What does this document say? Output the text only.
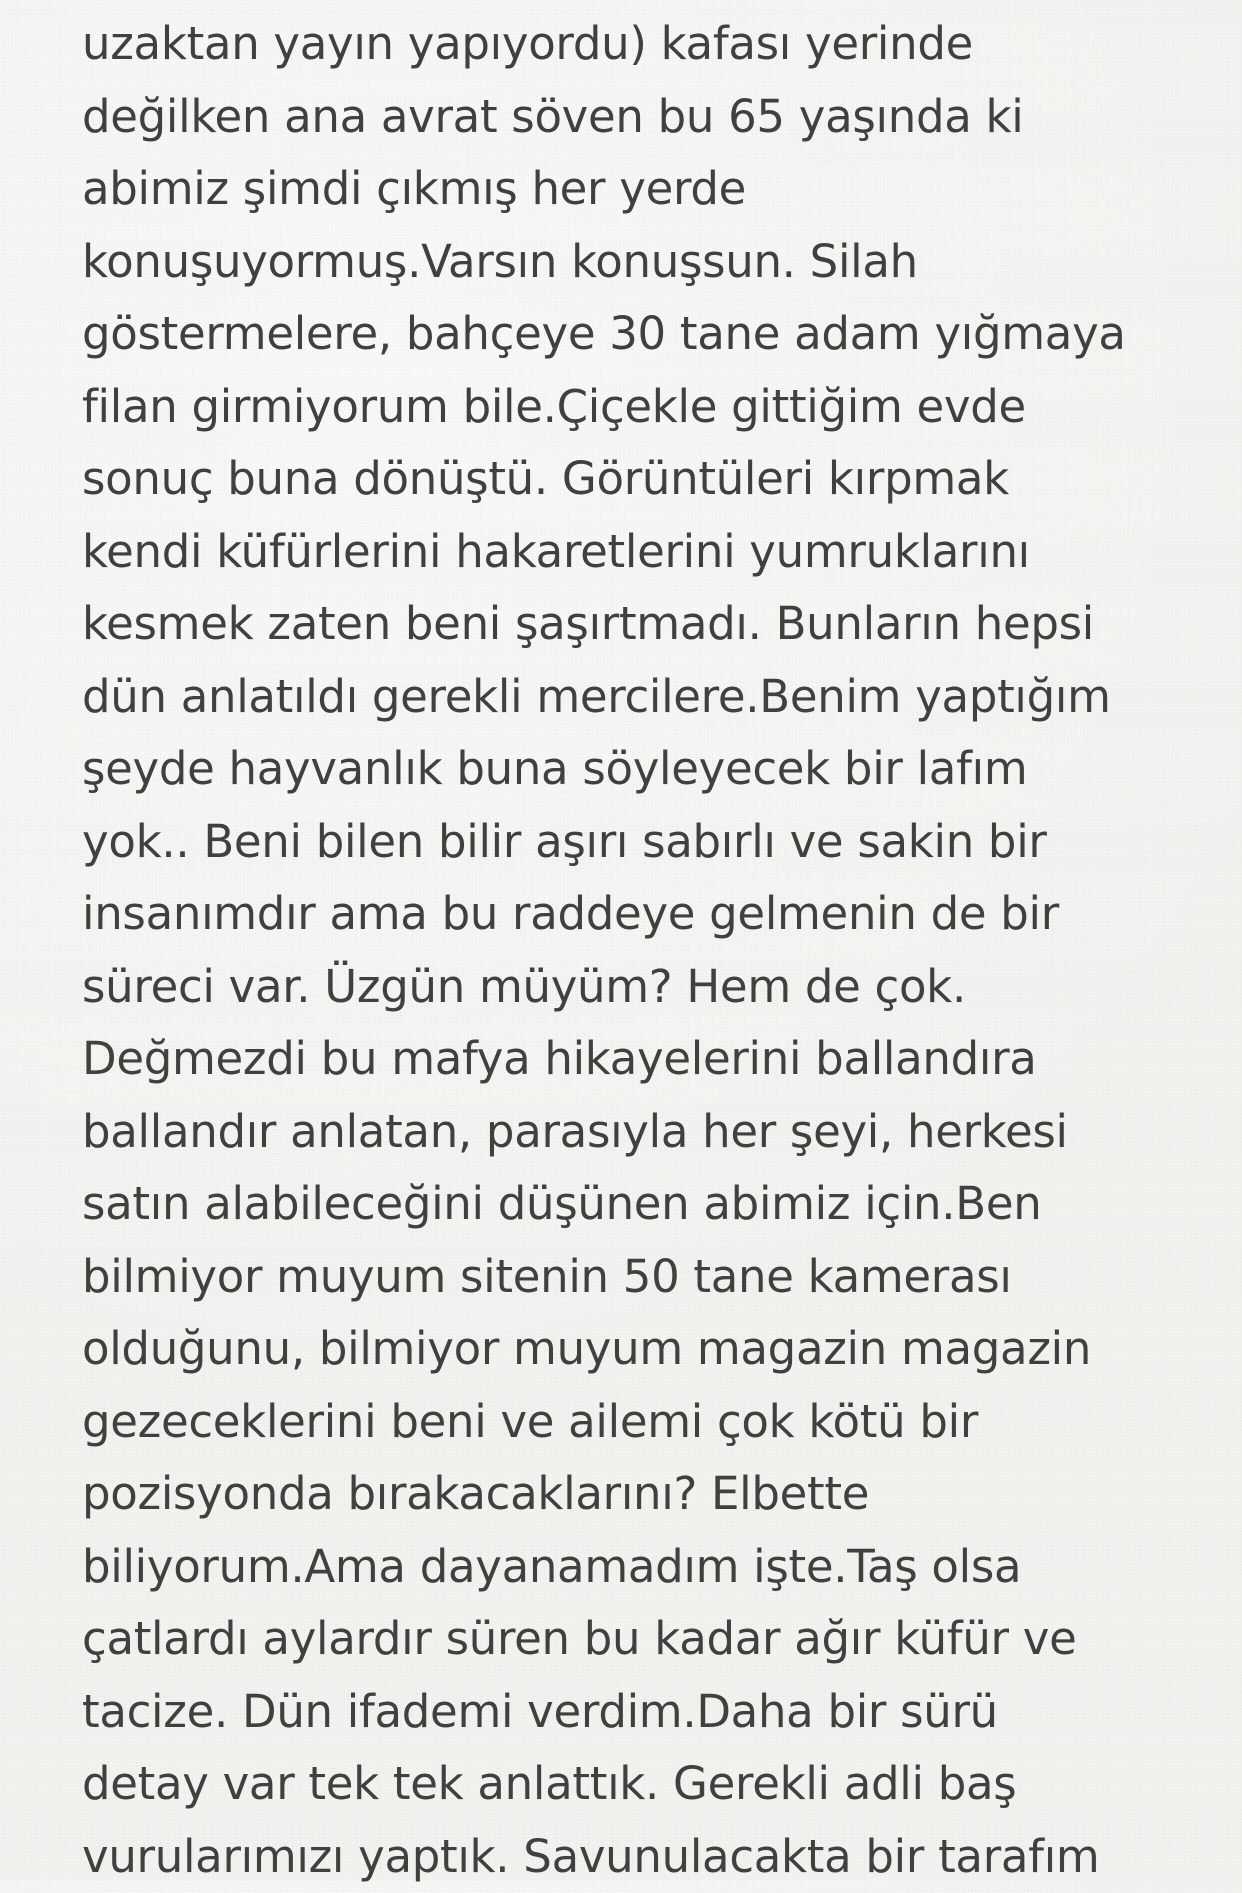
uzaktan yayın yapıyordu) kafası yerinde
değilken ana avrat söven bu 65 yaşında ki
abimiz şimdi çıkmış her yerde
konuşuyormuş.Varsın konuşsun. Silah
göstermelere, bahçeye 30 tane adam yığmaya
filan girmiyorum bile.Çiçekle gittiğim evde
sonuç buna dönüştü. Görüntüleri kırpmak
kendi küfürlerini hakaretlerini yumruklarını
kesmek zaten beni şaşırtmadı. Bunların hepsi
dün anlatıldı gerekli mercilere.Benim yaptığım
şeyde hayvanlık buna söyleyecek bir lafım
yok.. Beni bilen bilir aşırı sabırlı ve sakin bir
insanımdır ama bu raddeye gelmenin de bir
süreci var. Üzgün müyüm? Hem de çok.
Değmezdi bu mafya hikayelerini ballandıra
ballandır anlatan, parasıyla her şeyi, herkesi
satın alabileceğini düşünen abimiz için.Ben
bilmiyor muyum sitenin 50 tane kamerası
olduğunu, bilmiyor muyum magazin magazin
gezeceklerini beni ve ailemi çok kötü bir
pozisyonda bırakacaklarını? Elbette
biliyorum.Ama dayanamadım işte.Taş olsa
çatlardı aylardır süren bu kadar ağır küfür ve
tacize. Dün ifademi verdim.Daha bir sürü
detay var tek tek anlattık. Gerekli adli baş
vurularımızı yaptık. Savunulacakta bir tarafım
